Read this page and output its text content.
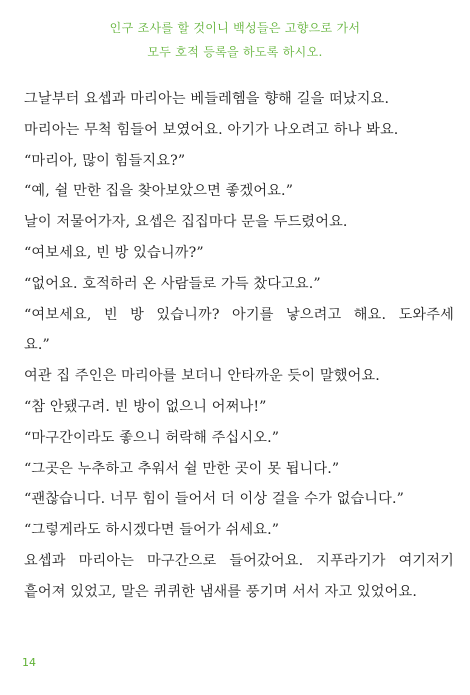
인구 조사를 할 것이니 백성들은 고향으로 가서
모두 호적 등록을 하도록 하시오.
그날부터 요셉과 마리아는 베들레헴을 향해 길을 떠났지요.
마리아는 무척 힘들어 보였어요. 아기가 나오려고 하나 봐요.
“마리아, 많이 힘들지요?”
“예, 쉴 만한 집을 찾아보았으면 좋겠어요.”
날이 저물어가자, 요셉은 집집마다 문을 두드렸어요.
“여보세요, 빈 방 있습니까?”
“없어요. 호적하러 온 사람들로 가득 찼다고요.”
“여보세요, 빈 방 있습니까? 아기를 낳으려고 해요. 도와주세
요.”
여관 집 주인은 마리아를 보더니 안타까운 듯이 말했어요.
“참 안됐구려. 빈 방이 없으니 어쩌나!”
“마구간이라도 좋으니 허락해 주십시오.”
“그곳은 누추하고 추워서 쉴 만한 곳이 못 됩니다.”
“괜찮습니다. 너무 힘이 들어서 더 이상 걸을 수가 없습니다.”
“그렇게라도 하시겠다면 들어가 쉬세요.”
요셉과 마리아는 마구간으로 들어갔어요. 지푸라기가 여기저기
흩어져 있었고, 말은 퀴퀴한 냄새를 풍기며 서서 자고 있었어요.
14
